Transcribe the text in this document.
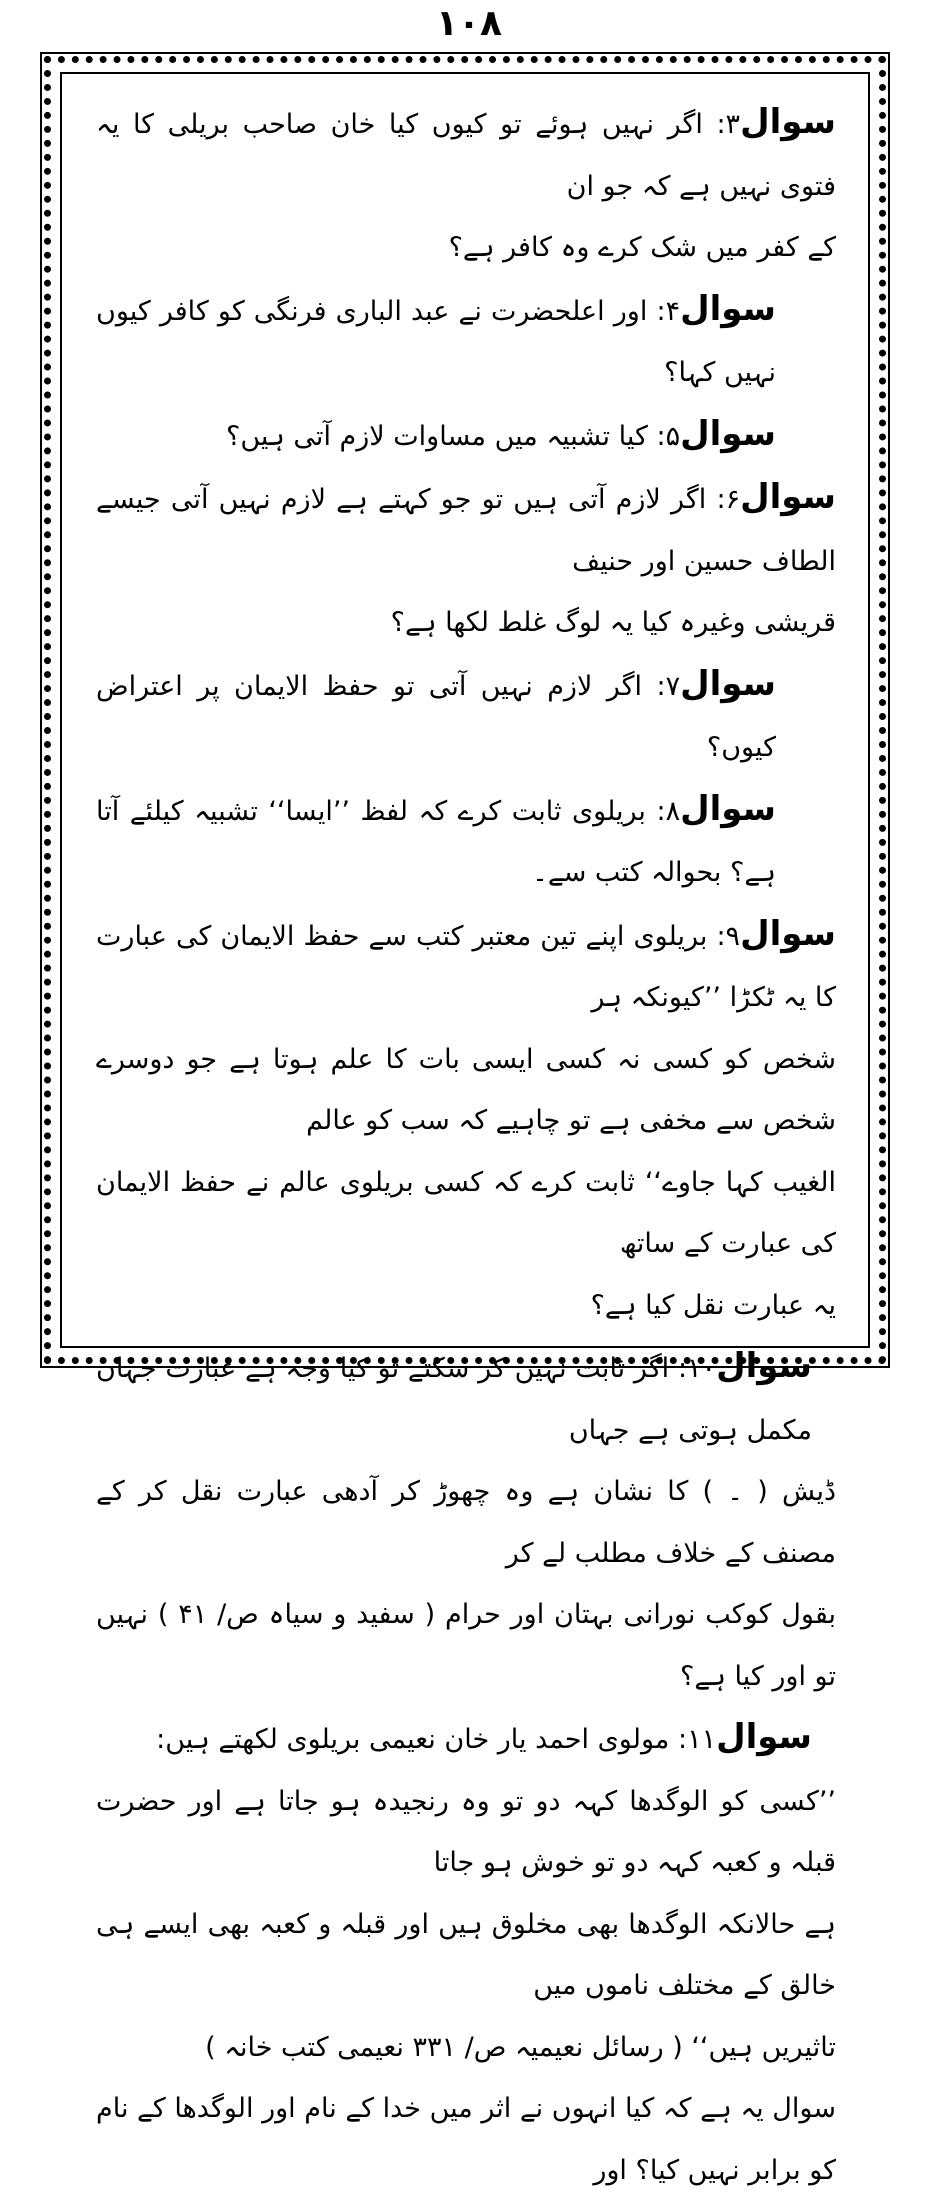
١٠٨

سوال۳: اگر نہیں ہوئے تو کیوں کیا خان صاحب بریلی کا یہ فتوی نہیں ہے کہ جو ان

کے کفر میں شک کرے وہ کافر ہے؟

سوال۴: اور اعلحضرت نے عبد الباری فرنگی کو کافر کیوں نہیں کہا؟

سوال۵: کیا تشبیہ میں مساوات لازم آتی ہیں؟

سوال۶: اگر لازم آتی ہیں تو جو کہتے ہے لازم نہیں آتی جیسے الطاف حسین اور حنیف

قریشی وغیرہ کیا یہ لوگ غلط لکھا ہے؟

سوال۷: اگر لازم نہیں آتی تو حفظ الایمان پر اعتراض کیوں؟

سوال۸: بریلوی ثابت کرے کہ لفظ ’’ایسا‘‘ تشبیہ کیلئے آتا ہے؟ بحوالہ کتب سے۔

سوال۹: بریلوی اپنے تین معتبر کتب سے حفظ الایمان کی عبارت کا یہ ٹکڑا ’’کیونکہ ہر

شخص کو کسی نہ کسی ایسی بات کا علم ہوتا ہے جو دوسرے شخص سے مخفی ہے تو چاہیے کہ سب کو عالم

الغیب کہا جاوے‘‘ ثابت کرے کہ کسی بریلوی عالم نے حفظ الایمان کی عبارت کے ساتھ

یہ عبارت نقل کیا ہے؟

سوال۱۰: اگر ثابت نہیں کر سکتے تو کیا وجہ ہے عبارت جہاں مکمل ہوتی ہے جہاں

ڈیش ( ۔ ) کا نشان ہے وہ چھوڑ کر آدھی عبارت نقل کر کے مصنف کے خلاف مطلب لے کر

بقول کوکب نورانی بہتان اور حرام ( سفید و سیاہ ص/ ۴۱ ) نہیں تو اور کیا ہے؟

سوال۱۱: مولوی احمد یار خان نعیمی بریلوی لکھتے ہیں:

’’کسی کو الوگدھا کہہ دو تو وہ رنجیدہ ہو جاتا ہے اور حضرت قبلہ و کعبہ کہہ دو تو خوش ہو جاتا

ہے حالانکہ الوگدھا بھی مخلوق ہیں اور قبلہ و کعبہ بھی ایسے ہی خالق کے مختلف ناموں میں

تاثیریں ہیں‘‘ ( رسائل نعیمیہ ص/ ۳۳۱ نعیمی کتب خانہ )

سوال یہ ہے کہ کیا انہوں نے اثر میں خدا کے نام اور الوگدھا کے نام کو برابر نہیں کیا؟ اور
